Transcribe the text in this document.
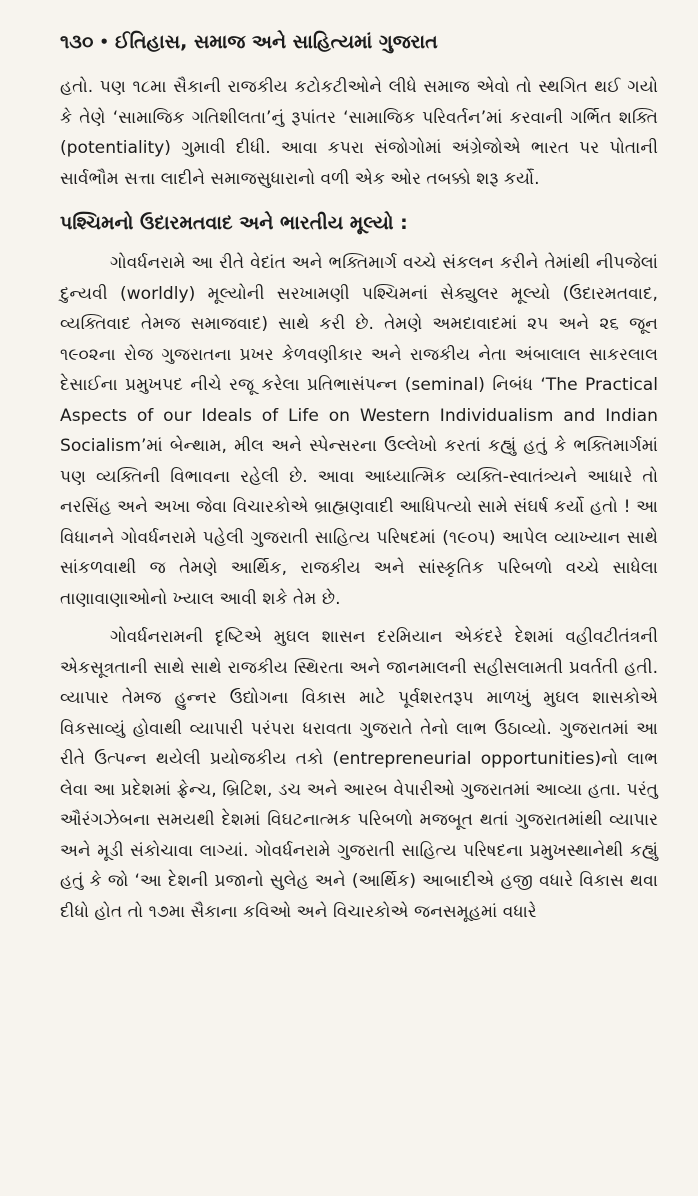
૧૩૦ • ઈતિહાસ, સમાજ અને સાહિત્યમાં ગુજરાત

હતો. પણ ૧૮મા સૈકાની રાજકીય કટોકટીઓને લીધે સમાજ એવો તો સ્થગિત થઈ ગયો કે તેણે ‘સામાજિક ગતિશીલતા’નું રૂપાંતર ‘સામાજિક પરિવર્તન’માં કરવાની ગર્ભિત શક્તિ (potentiality) ગુમાવી દીધી. આવા કપરા સંજોગોમાં અંગ્રેજોએ ભારત પર પોતાની સાર્વભૌમ સત્તા લાદીને સમાજસુધારાનો વળી એક ઓર તબક્કો શરૂ કર્યો.

પશ્ચિમનો ઉદારમતવાદ અને ભારતીય મૂલ્યો :

ગોવર્ધનરામે આ રીતે વેદાંત અને ભક્તિમાર્ગ વચ્ચે સંકલન કરીને તેમાંથી નીપજેલાં દુન્યવી (worldly) મૂલ્યોની સરખામણી પશ્ચિમનાં સેક્યુલર મૂલ્યો (ઉદારમતવાદ, વ્યક્તિવાદ તેમજ સમાજવાદ) સાથે કરી છે. તેમણે અમદાવાદમાં ૨૫ અને ૨૬ જૂન ૧૯૦૨ના રોજ ગુજરાતના પ્રખર કેળવણીકાર અને રાજકીય નેતા અંબાલાલ સાકરલાલ દેસાઈના પ્રમુખપદ નીચે રજૂ કરેલા પ્રતિભાસંપન્ન (seminal) નિબંધ ‘The Practical Aspects of our Ideals of Life on Western Individualism and Indian Socialism’માં બેન્થામ, મીલ અને સ્પેન્સરના ઉલ્લેખો કરતાં કહ્યું હતું કે ભક્તિમાર્ગમાં પણ વ્યક્તિની વિભાવના રહેલી છે. આવા આધ્યાત્મિક વ્યક્તિ-સ્વાતંત્ર્યને આધારે તો નરસિંહ અને અખા જેવા વિચારકોએ બ્રાહ્મણવાદી આધિપત્યો સામે સંઘર્ષ કર્યો હતો ! આ વિધાનને ગોવર્ધનરામે પહેલી ગુજરાતી સાહિત્ય પરિષદમાં (૧૯૦૫) આપેલ વ્યાખ્યાન સાથે સાંકળવાથી જ તેમણે આર્થિક, રાજકીય અને સાંસ્કૃતિક પરિબળો વચ્ચે સાધેલા તાણાવાણાઓનો ખ્યાલ આવી શકે તેમ છે.

ગોવર્ધનરામની દૃષ્ટિએ મુઘલ શાસન દરમિયાન એકંદરે દેશમાં વહીવટીતંત્રની એકસૂત્રતાની સાથે સાથે રાજકીય સ્થિરતા અને જાનમાલની સહીસલામતી પ્રવર્તતી હતી. વ્યાપાર તેમજ હુન્નર ઉદ્યોગના વિકાસ માટે પૂર્વશરતરૂપ માળખું મુઘલ શાસકોએ વિકસાવ્યું હોવાથી વ્યાપારી પરંપરા ધરાવતા ગુજરાતે તેનો લાભ ઉઠાવ્યો. ગુજરાતમાં આ રીતે ઉત્પન્ન થયેલી પ્રયોજકીય તકો (entrepreneurial opportunities)નો લાભ લેવા આ પ્રદેશમાં ફ્રેન્ચ, બ્રિટિશ, ડચ અને આરબ વેપારીઓ ગુજરાતમાં આવ્યા હતા. પરંતુ ઔરંગઝેબના સમયથી દેશમાં વિઘટનાત્મક પરિબળો મજબૂત થતાં ગુજરાતમાંથી વ્યાપાર અને મૂડી સંકોચાવા લાગ્યાં. ગોવર્ધનરામે ગુજરાતી સાહિત્ય પરિષદના પ્રમુખસ્થાનેથી કહ્યું હતું કે જો ‘આ દેશની પ્રજાનો સુલેહ અને (આર્થિક) આબાદીએ હજી વધારે વિકાસ થવા દીધો હોત તો ૧૭મા સૈકાના કવિઓ અને વિચારકોએ જનસમૂહમાં વધારે
